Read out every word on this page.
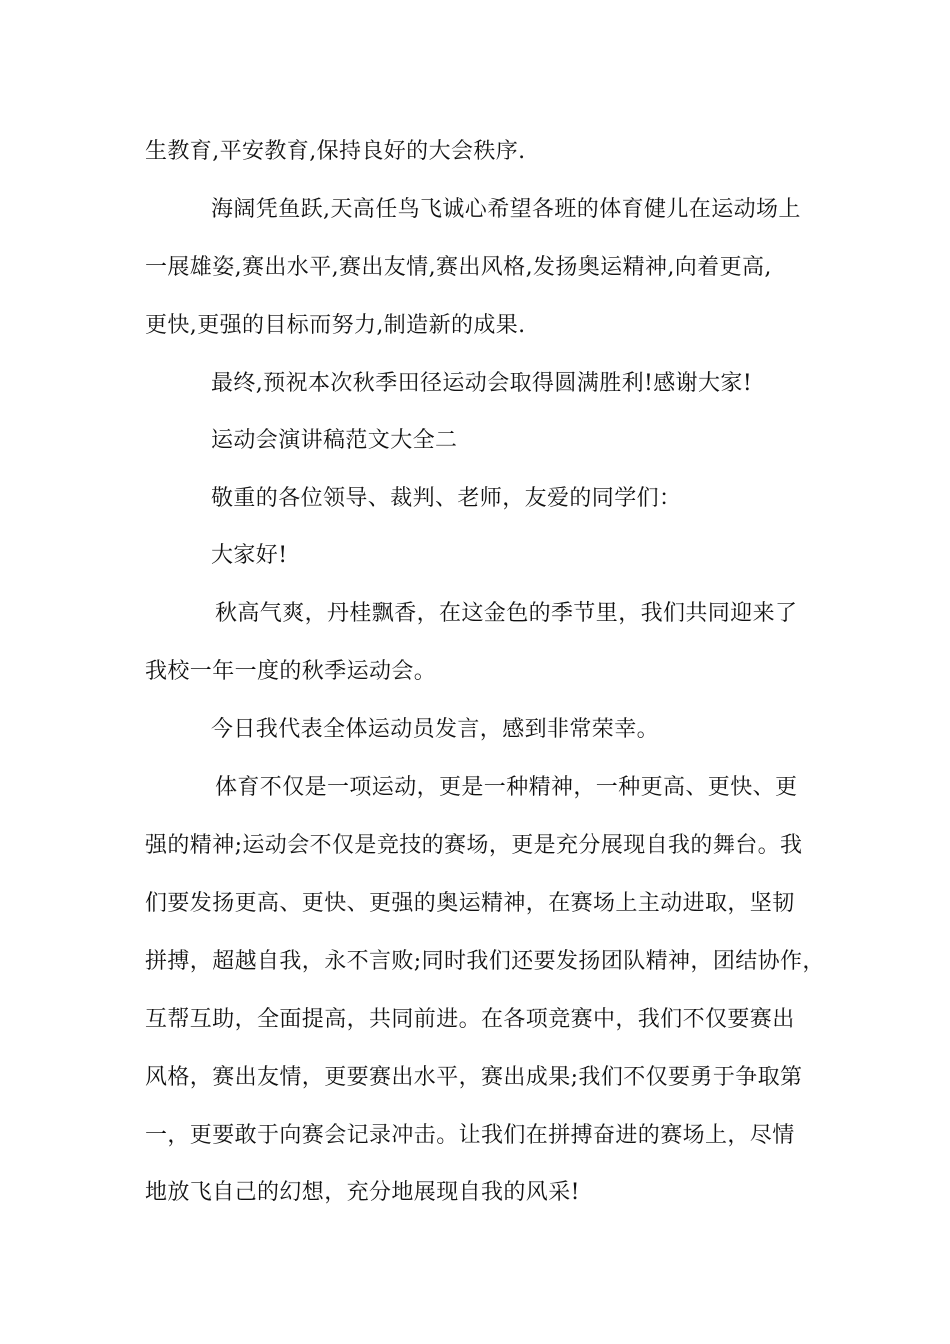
生教育,平安教育,保持良好的大会秩序.
海阔凭鱼跃,天高任鸟飞诚心希望各班的体育健儿在运动场上
一展雄姿,赛出水平,赛出友情,赛出风格,发扬奥运精神,向着更高,
更快,更强的目标而努力,制造新的成果.
最终,预祝本次秋季田径运动会取得圆满胜利!感谢大家!
运动会演讲稿范文大全二
敬重的各位领导、裁判、老师，友爱的同学们：
大家好!
秋高气爽，丹桂飘香，在这金色的季节里，我们共同迎来了
我校一年一度的秋季运动会。
今日我代表全体运动员发言，感到非常荣幸。
体育不仅是一项运动，更是一种精神，一种更高、更快、更
强的精神;运动会不仅是竞技的赛场，更是充分展现自我的舞台。我
们要发扬更高、更快、更强的奥运精神，在赛场上主动进取，坚韧
拼搏，超越自我，永不言败;同时我们还要发扬团队精神，团结协作，
互帮互助，全面提高，共同前进。在各项竞赛中，我们不仅要赛出
风格，赛出友情，更要赛出水平，赛出成果;我们不仅要勇于争取第
一，更要敢于向赛会记录冲击。让我们在拼搏奋进的赛场上，尽情
地放飞自己的幻想，充分地展现自我的风采!
